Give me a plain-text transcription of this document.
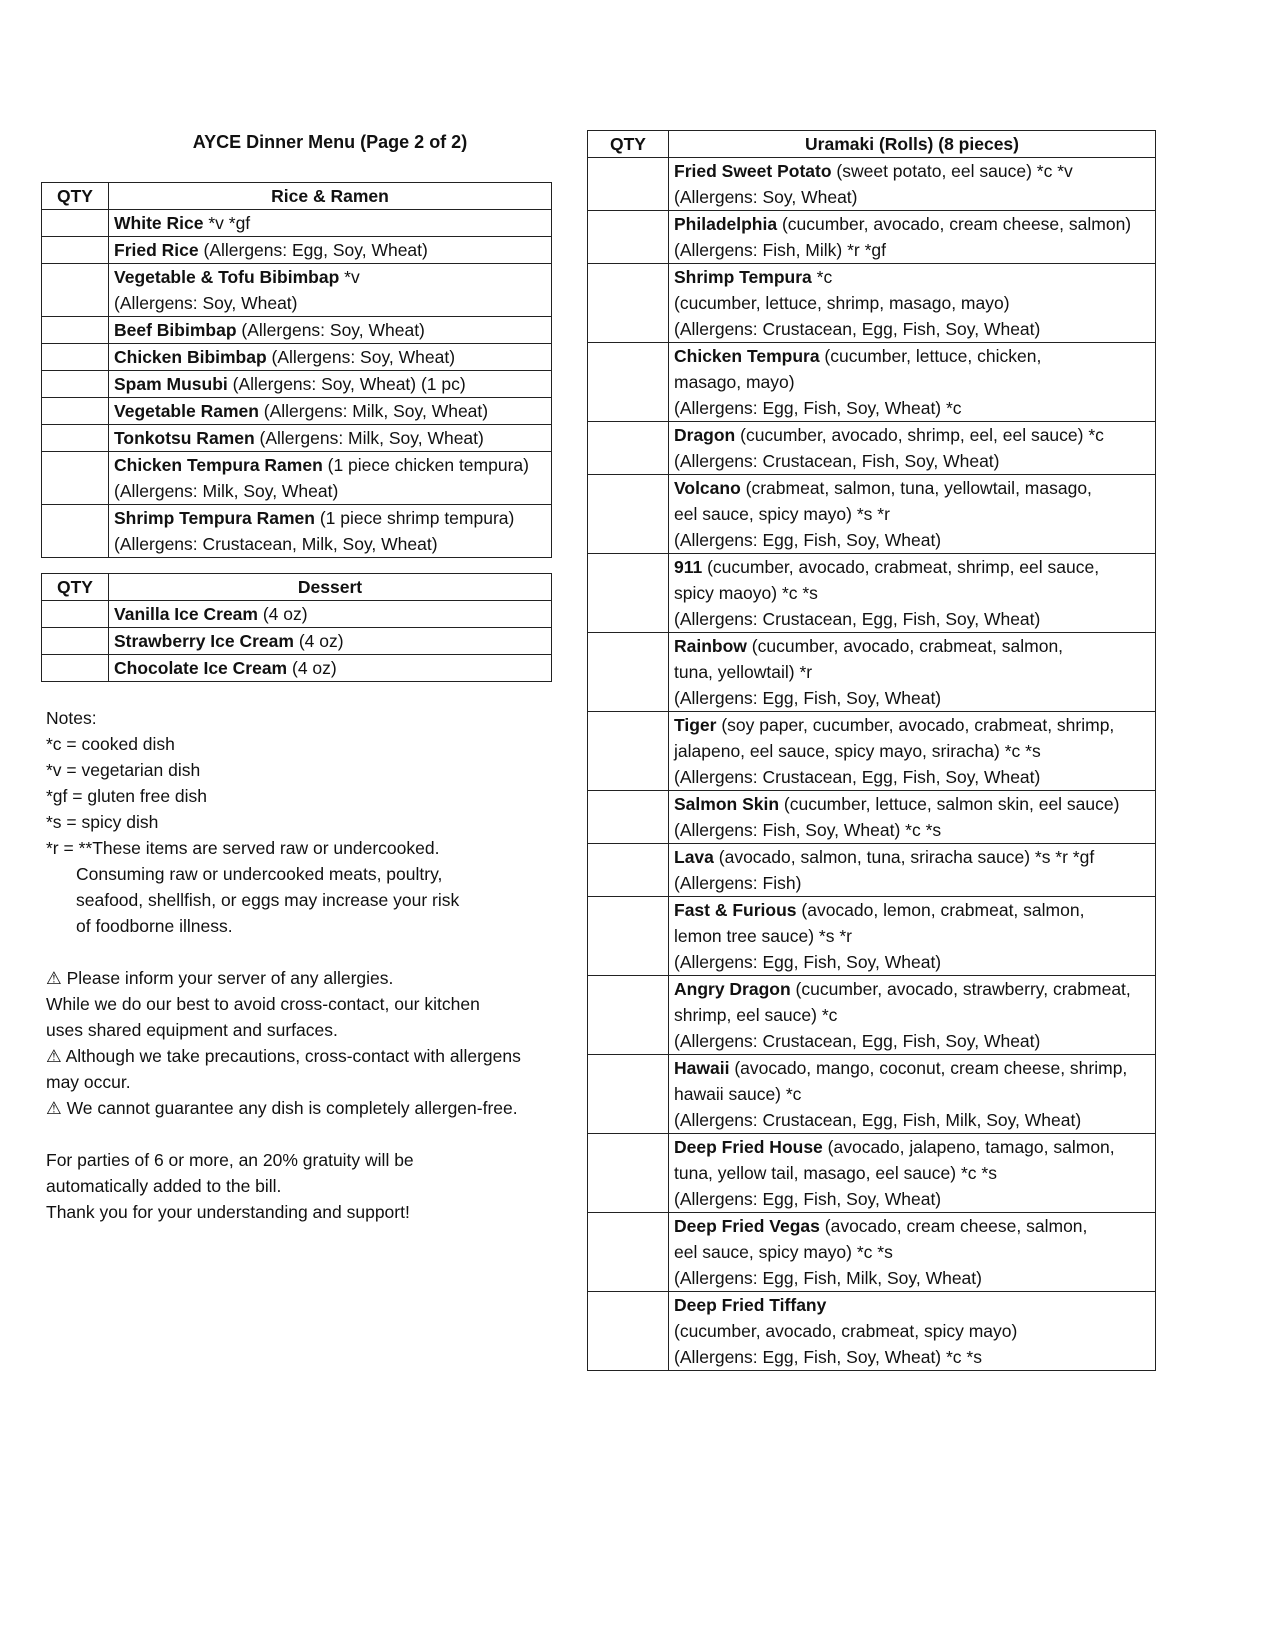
AYCE Dinner Menu (Page 2 of 2)
QTY	Rice & Ramen

	White Rice *v *gf

	Fried Rice (Allergens: Egg, Soy, Wheat)

	Vegetable & Tofu Bibimbap *v
(Allergens: Soy, Wheat)

	Beef Bibimbap (Allergens: Soy, Wheat)

	Chicken Bibimbap (Allergens: Soy, Wheat)

	Spam Musubi (Allergens: Soy, Wheat) (1 pc)

	Vegetable Ramen (Allergens: Milk, Soy, Wheat)

	Tonkotsu Ramen (Allergens: Milk, Soy, Wheat)

	Chicken Tempura Ramen (1 piece chicken tempura)
(Allergens: Milk, Soy, Wheat)

	Shrimp Tempura Ramen (1 piece shrimp tempura)
(Allergens: Crustacean, Milk, Soy, Wheat)
QTY	Dessert

	Vanilla Ice Cream (4 oz)

	Strawberry Ice Cream (4 oz)

	Chocolate Ice Cream (4 oz)
QTY	Uramaki (Rolls) (8 pieces)

	Fried Sweet Potato (sweet potato, eel sauce) *c *v
(Allergens: Soy, Wheat)

	Philadelphia (cucumber, avocado, cream cheese, salmon)
(Allergens: Fish, Milk) *r *gf

	Shrimp Tempura *c
(cucumber, lettuce, shrimp, masago, mayo)
(Allergens: Crustacean, Egg, Fish, Soy, Wheat)

	Chicken Tempura (cucumber, lettuce, chicken,
masago, mayo)
(Allergens: Egg, Fish, Soy, Wheat) *c

	Dragon (cucumber, avocado, shrimp, eel, eel sauce) *c
(Allergens: Crustacean, Fish, Soy, Wheat)

	Volcano (crabmeat, salmon, tuna, yellowtail, masago,
eel sauce, spicy mayo) *s *r
(Allergens: Egg, Fish, Soy, Wheat)

	911 (cucumber, avocado, crabmeat, shrimp, eel sauce,
spicy maoyo) *c *s
(Allergens: Crustacean, Egg, Fish, Soy, Wheat)

	Rainbow (cucumber, avocado, crabmeat, salmon,
tuna, yellowtail) *r
(Allergens: Egg, Fish, Soy, Wheat)

	Tiger (soy paper, cucumber, avocado, crabmeat, shrimp,
jalapeno, eel sauce, spicy mayo, sriracha) *c *s
(Allergens: Crustacean, Egg, Fish, Soy, Wheat)

	Salmon Skin (cucumber, lettuce, salmon skin, eel sauce)
(Allergens: Fish, Soy, Wheat) *c *s

	Lava (avocado, salmon, tuna, sriracha sauce) *s *r *gf
(Allergens: Fish)

	Fast & Furious (avocado, lemon, crabmeat, salmon,
lemon tree sauce) *s *r
(Allergens: Egg, Fish, Soy, Wheat)

	Angry Dragon (cucumber, avocado, strawberry, crabmeat,
shrimp, eel sauce) *c
(Allergens: Crustacean, Egg, Fish, Soy, Wheat)

	Hawaii (avocado, mango, coconut, cream cheese, shrimp,
hawaii sauce) *c
(Allergens: Crustacean, Egg, Fish, Milk, Soy, Wheat)

	Deep Fried House (avocado, jalapeno, tamago, salmon,
tuna, yellow tail, masago, eel sauce) *c *s
(Allergens: Egg, Fish, Soy, Wheat)

	Deep Fried Vegas (avocado, cream cheese, salmon,
eel sauce, spicy mayo) *c *s
(Allergens: Egg, Fish, Milk, Soy, Wheat)

	Deep Fried Tiffany
(cucumber, avocado, crabmeat, spicy mayo)
(Allergens: Egg, Fish, Soy, Wheat) *c *s
Notes:
*c = cooked dish
*v = vegetarian dish
*gf = gluten free dish
*s = spicy dish
*r = **These items are served raw or undercooked.
Consuming raw or undercooked meats, poultry,
seafood, shellfish, or eggs may increase your risk
of foodborne illness.
⚠ Please inform your server of any allergies.
While we do our best to avoid cross-contact, our kitchen
uses shared equipment and surfaces.
⚠ Although we take precautions, cross-contact with allergens
may occur.
⚠ We cannot guarantee any dish is completely allergen-free.
For parties of 6 or more, an 20% gratuity will be
automatically added to the bill.
Thank you for your understanding and support!
